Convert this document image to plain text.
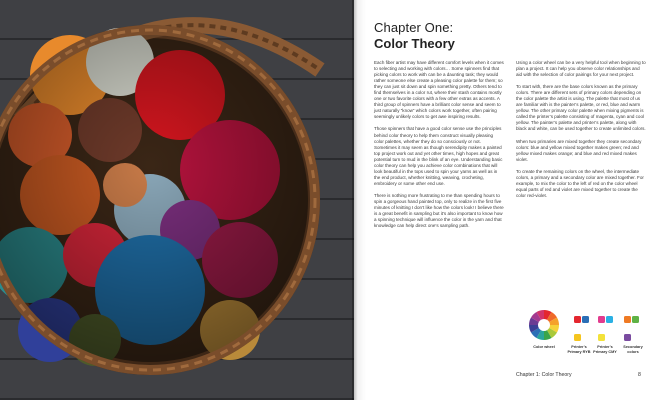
Chapter One:
Color Theory

Each fiber artist may have different comfort levels when it comes to selecting and working with colors… Some spinners find that picking colors to work with can be a daunting task; they would rather someone else create a pleasing color palette for them; so they can just sit down and spin something pretty. Others tend to find themselves in a color rut, where their stash contains mostly one or two favorite colors with a few other extras as accents. A third group of spinners have a brilliant color sense and seem to just naturally “know” which colors work together, often pairing seemingly unlikely colors to get awe inspiring results.

Those spinners that have a good color sense use the principles behind color theory to help them construct visually pleasing color palettes, whether they do so consciously or not. Sometimes it may seem as though serendipity makes a painted top project work out and yet other times, high hopes and great potential turn to mud in the blink of an eye. Understanding basic color theory can help you achieve color combinations that will look beautiful in the tops used to spin your yarns as well as in the end product, whether knitting, weaving, crocheting, embroidery or some other end use.

There is nothing more frustrating to me than spending hours to spin a gorgeous hand painted top, only to realize in the first five minutes of knitting I don’t like how the colors look! I believe there is a great benefit in sampling but it’s also important to know how a spinning technique will influence the color in the yarn and that knowledge can help direct one’s sampling path.

Using a color wheel can be a very helpful tool when beginning to plan a project. It can help you observe color relationships and aid with the selection of color pairings for your next project.

To start with, there are the base colors known as the primary colors. There are different sets of primary colors depending on the color palette the artist is using. The palette that most of us are familiar with is the painter’s palette, or red, blue and warm yellow. The other primary color palette when mixing pigments is called the printer’s palette consisting of magenta, cyan and cool yellow. The painter’s palette and printer’s palette, along with black and white, can be used together to create unlimited colors.

When two primaries are mixed together they create secondary colors: blue and yellow mixed together makes green; red and yellow mixed makes orange; and blue and red mixed makes violet.

To create the remaining colors on the wheel, the intermediate colors, a primary and a secondary color are mixed together. For example, to mix the color to the left of red on the color wheel equal parts of red and violet are mixed together to create the color red-violet.

Color wheel	Printer’s Primary RYB
Printer’s Primary CMY
Secondary colors
Chapter 1: Color Theory	8
